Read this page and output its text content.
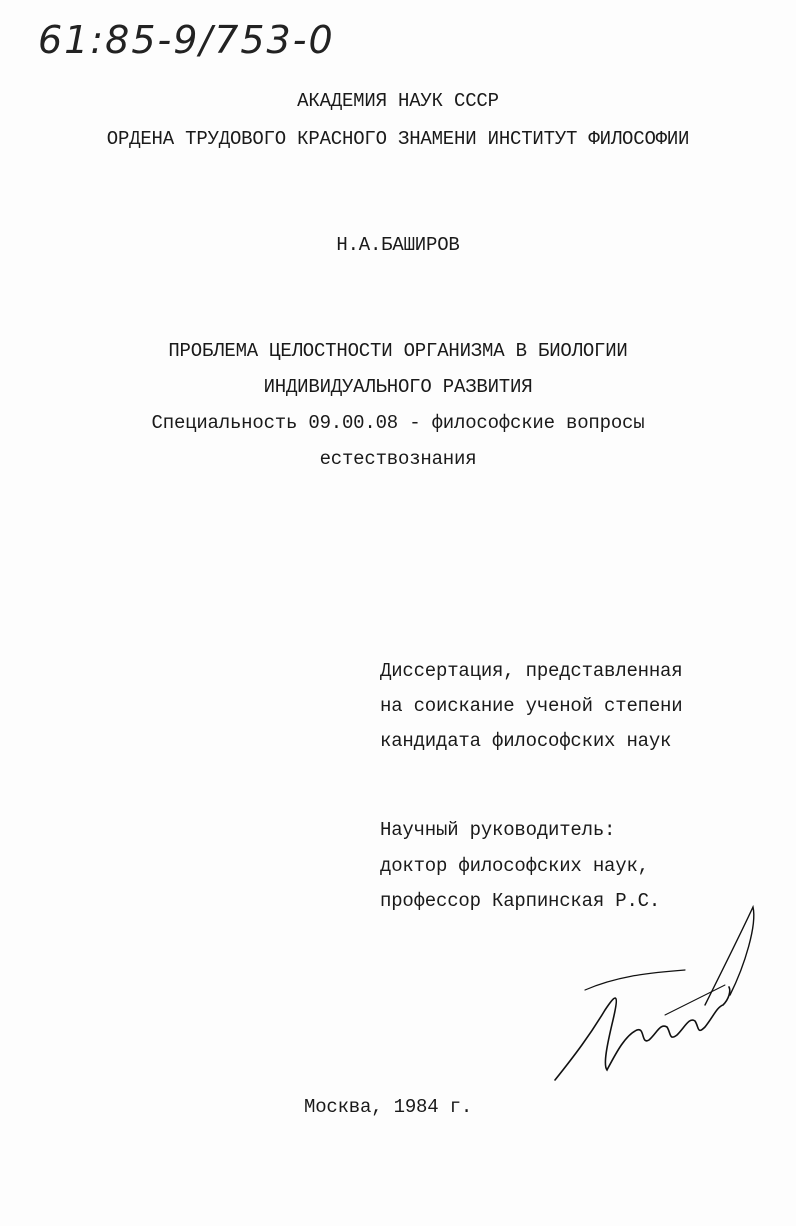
61:85-9/753-0
АКАДЕМИЯ НАУК СССР
ОРДЕНА ТРУДОВОГО КРАСНОГО ЗНАМЕНИ ИНСТИТУТ ФИЛОСОФИИ
Н.А.БАШИРОВ
ПРОБЛЕМА ЦЕЛОСТНОСТИ ОРГАНИЗМА В БИОЛОГИИ
ИНДИВИДУАЛЬНОГО РАЗВИТИЯ
Специальность 09.00.08 - философские вопросы
естествознания
Диссертация, представленная
на соискание ученой степени
кандидата философских наук
Научный руководитель:
доктор философских наук,
профессор Карпинская Р.С.
Москва, 1984 г.
